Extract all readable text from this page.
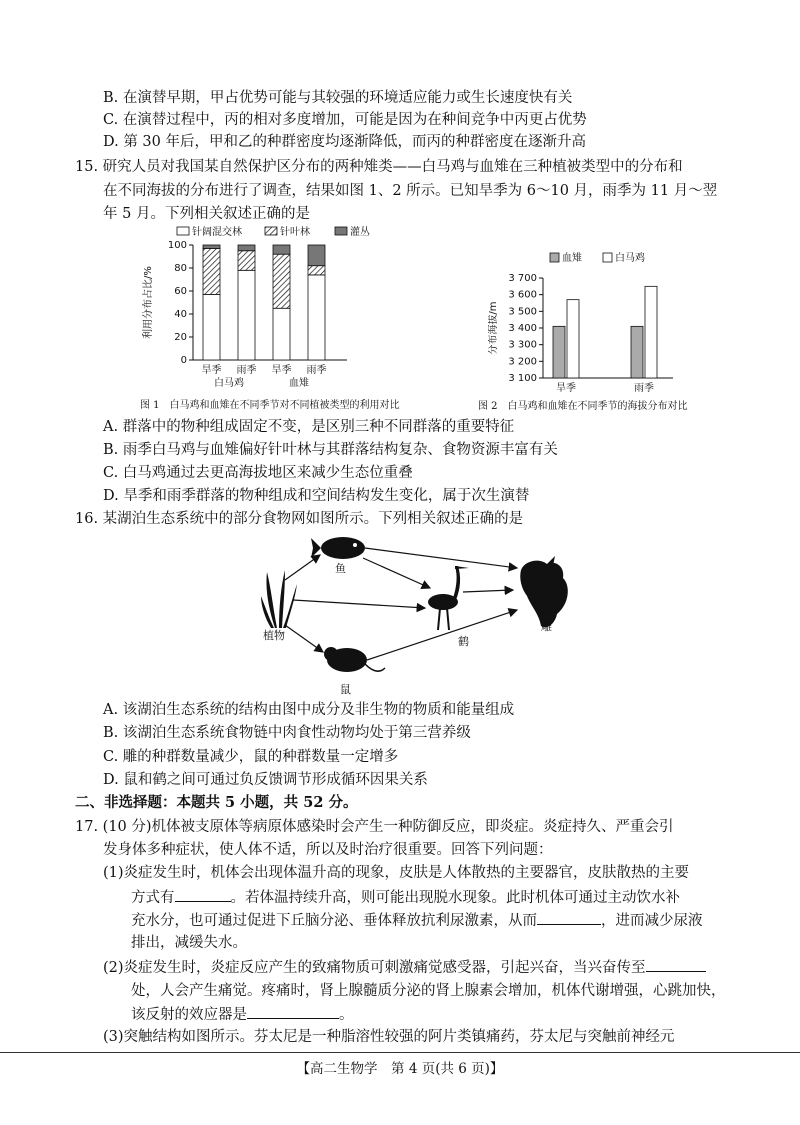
B. 在演替早期，甲占优势可能与其较强的环境适应能力或生长速度快有关
C. 在演替过程中，丙的相对多度增加，可能是因为在种间竞争中丙更占优势
D. 第 30 年后，甲和乙的种群密度均逐渐降低，而丙的种群密度在逐渐升高
15. 研究人员对我国某自然保护区分布的两种雉类——白马鸡与血雉在三种植被类型中的分布和
在不同海拔的分布进行了调查，结果如图 1、2 所示。已知旱季为 6～10 月，雨季为 11 月～翌
年 5 月。下列相关叙述正确的是
针阔混交林	针叶林	灌丛
0
20
40
60
80
100
利用分布占比/%
旱季 雨季 旱季 雨季
白马鸡	血雉
图 1　白马鸡和血雉在不同季节对不同植被类型的利用对比
血雉	白马鸡
3 100
3 200
3 300
3 400
3 500
3 600
3 700
分布海拔/m
旱季	雨季
图 2　白马鸡和血雉在不同季节的海拔分布对比
A. 群落中的物种组成固定不变，是区别三种不同群落的重要特征
B. 雨季白马鸡与血雉偏好针叶林与其群落结构复杂、食物资源丰富有关
C. 白马鸡通过去更高海拔地区来减少生态位重叠
D. 旱季和雨季群落的物种组成和空间结构发生变化，属于次生演替
16. 某湖泊生态系统中的部分食物网如图所示。下列相关叙述正确的是
鱼
植物	鹤
雕
鼠
A. 该湖泊生态系统的结构由图中成分及非生物的物质和能量组成
B. 该湖泊生态系统食物链中肉食性动物均处于第三营养级
C. 雕的种群数量减少，鼠的种群数量一定增多
D. 鼠和鹤之间可通过负反馈调节形成循环因果关系
二、非选择题：本题共 5 小题，共 52 分。
17. (10 分)机体被支原体等病原体感染时会产生一种防御反应，即炎症。炎症持久、严重会引
发身体多种症状，使人体不适，所以及时治疗很重要。回答下列问题：
(1)炎症发生时，机体会出现体温升高的现象，皮肤是人体散热的主要器官，皮肤散热的主要
方式有	。若体温持续升高，则可能出现脱水现象。此时机体可通过主动饮水补
充水分，也可通过促进下丘脑分泌、垂体释放抗利尿激素，从而	，进而减少尿液
排出，减缓失水。
(2)炎症发生时，炎症反应产生的致痛物质可刺激痛觉感受器，引起兴奋，当兴奋传至
处，人会产生痛觉。疼痛时，肾上腺髓质分泌的肾上腺素会增加，机体代谢增强，心跳加快，
该反射的效应器是	。
(3)突触结构如图所示。芬太尼是一种脂溶性较强的阿片类镇痛药，芬太尼与突触前神经元
【高二生物学　第 4 页(共 6 页)】
